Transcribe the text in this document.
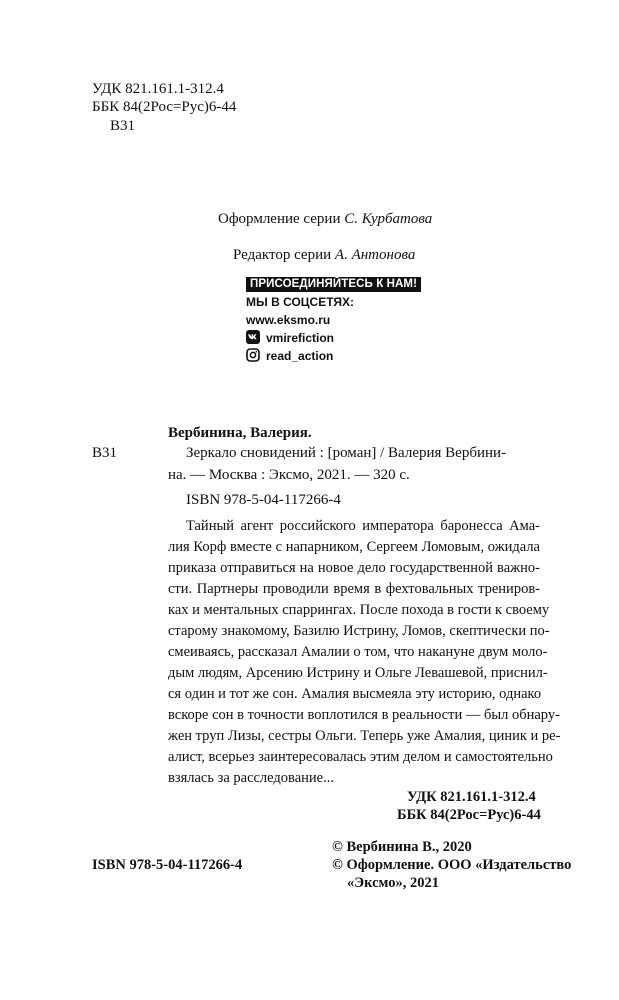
УДК 821.161.1-312.4
ББК 84(2Рос=Рус)6-44
В31
Оформление серии С. Курбатова
Редактор серии А. Антонова
ПРИСОЕДИНЯЙТЕСЬ К НАМ!
МЫ В СОЦСЕТЯХ:
www.eksmo.ru
vmirefiction
read_action
Вербинина, Валерия.
В31	Зеркало сновидений : [роман] / Валерия Вербини-
на. — Москва : Эксмо, 2021. — 320 с.
ISBN 978-5-04-117266-4
Тайный агент российского императора баронесса Ама-
лия Корф вместе с напарником, Сергеем Ломовым, ожидала
приказа отправиться на новое дело государственной важно-
сти. Партнеры проводили время в фехтовальных трениров-
ках и ментальных спаррингах. После похода в гости к своему
старому знакомому, Базилю Истрину, Ломов, скептически по-
смеиваясь, рассказал Амалии о том, что накануне двум моло-
дым людям, Арсению Истрину и Ольге Левашевой, приснил-
ся один и тот же сон. Амалия высмеяла эту историю, однако
вскоре сон в точности воплотился в реальности — был обнару-
жен труп Лизы, сестры Ольги. Теперь уже Амалия, циник и ре-
алист, всерьез заинтересовалась этим делом и самостоятельно
взялась за расследование...
УДК 821.161.1-312.4
ББК 84(2Рос=Рус)6-44
© Вербинина В., 2020
© Оформление. ООО «Издательство
«Эксмо», 2021
ISBN 978-5-04-117266-4
